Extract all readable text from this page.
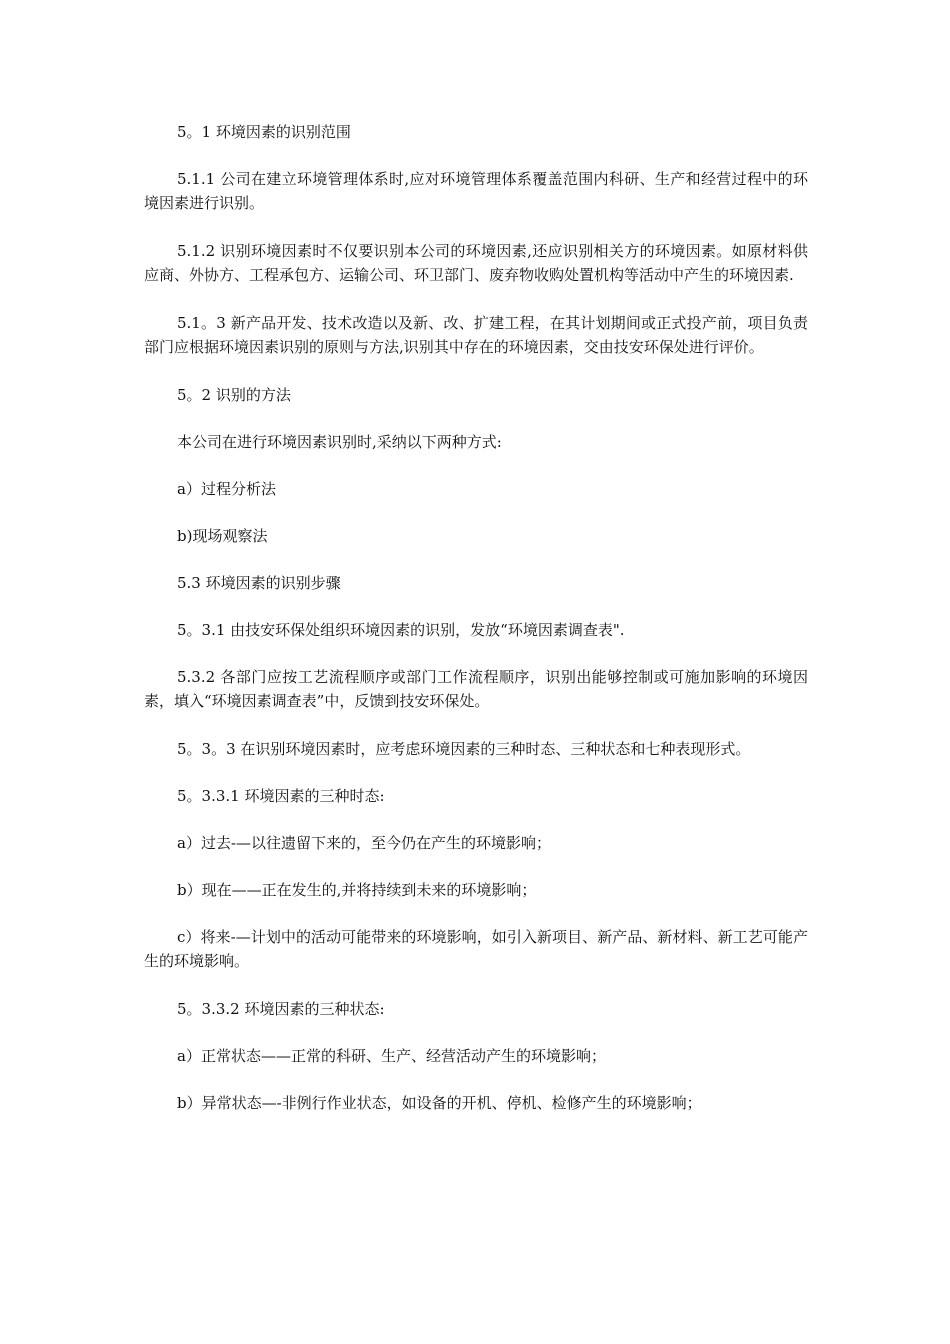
5。1 环境因素的识别范围

5.1.1 公司在建立环境管理体系时,应对环境管理体系覆盖范围内科研、生产和经营过程中的环境因素进行识别。

5.1.2 识别环境因素时不仅要识别本公司的环境因素,还应识别相关方的环境因素。如原材料供应商、外协方、工程承包方、运输公司、环卫部门、废弃物收购处置机构等活动中产生的环境因素.

5.1。3 新产品开发、技术改造以及新、改、扩建工程，在其计划期间或正式投产前，项目负责部门应根据环境因素识别的原则与方法,识别其中存在的环境因素，交由技安环保处进行评价。

5。2 识别的方法

本公司在进行环境因素识别时,采纳以下两种方式:

a）过程分析法

b)现场观察法

5.3 环境因素的识别步骤

5。3.1 由技安环保处组织环境因素的识别，发放“环境因素调查表".

5.3.2 各部门应按工艺流程顺序或部门工作流程顺序，识别出能够控制或可施加影响的环境因素，填入“环境因素调查表”中，反馈到技安环保处。

5。3。3 在识别环境因素时，应考虑环境因素的三种时态、三种状态和七种表现形式。

5。3.3.1 环境因素的三种时态:

a）过去-—以往遗留下来的，至今仍在产生的环境影响；

b）现在——正在发生的,并将持续到未来的环境影响；

c）将来-—计划中的活动可能带来的环境影响，如引入新项目、新产品、新材料、新工艺可能产生的环境影响。

5。3.3.2 环境因素的三种状态:

a）正常状态——正常的科研、生产、经营活动产生的环境影响；

b）异常状态—-非例行作业状态，如设备的开机、停机、检修产生的环境影响；
